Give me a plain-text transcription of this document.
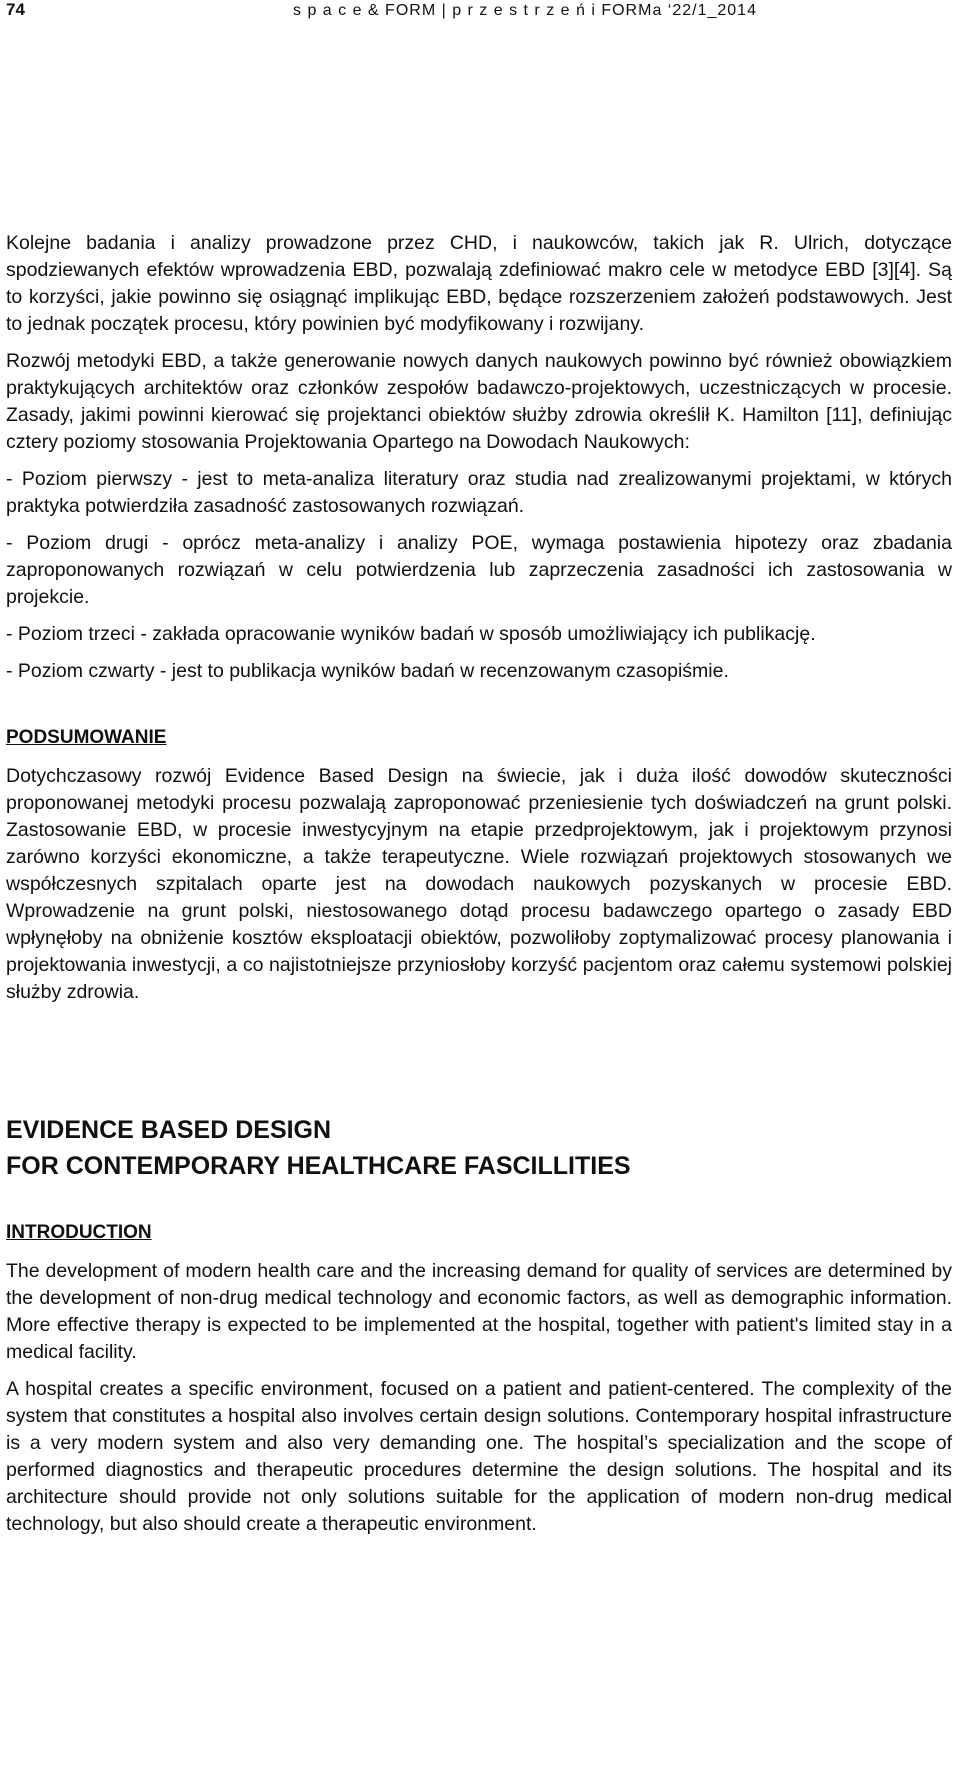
74	s p a c e & FORM | p r z e s t r z e ń i FORMa ‘22/1_2014

Kolejne badania i analizy prowadzone przez CHD, i naukowców, takich jak R. Ulrich, dotyczące spodziewanych efektów wprowadzenia EBD, pozwalają zdefiniować makro cele w metodyce EBD [3][4]. Są to korzyści, jakie powinno się osiągnąć implikując EBD, będące rozszerzeniem założeń podstawowych. Jest to jednak początek procesu, który powinien być modyfikowany i rozwijany.

Rozwój metodyki EBD, a także generowanie nowych danych naukowych powinno być również obowiązkiem praktykujących architektów oraz członków zespołów badawczo-projektowych, uczestniczących w procesie. Zasady, jakimi powinni kierować się projektanci obiektów służby zdrowia określił K. Hamilton [11], definiując cztery poziomy stosowania Projektowania Opartego na Dowodach Naukowych:

- Poziom pierwszy - jest to meta-analiza literatury oraz studia nad zrealizowanymi projektami, w których praktyka potwierdziła zasadność zastosowanych rozwiązań.

- Poziom drugi - oprócz meta-analizy i analizy POE, wymaga postawienia hipotezy oraz zbadania zaproponowanych rozwiązań w celu potwierdzenia lub zaprzeczenia zasadności ich zastosowania w projekcie.

- Poziom trzeci - zakłada opracowanie wyników badań w sposób umożliwiający ich publikację.

- Poziom czwarty - jest to publikacja wyników badań w recenzowanym czasopiśmie.

PODSUMOWANIE

Dotychczasowy rozwój Evidence Based Design na świecie, jak i duża ilość dowodów skuteczności proponowanej metodyki procesu pozwalają zaproponować przeniesienie tych doświadczeń na grunt polski. Zastosowanie EBD, w procesie inwestycyjnym na etapie przedprojektowym, jak i projektowym przynosi zarówno korzyści ekonomiczne, a także terapeutyczne. Wiele rozwiązań projektowych stosowanych we współczesnych szpitalach oparte jest na dowodach naukowych pozyskanych w procesie EBD. Wprowadzenie na grunt polski, niestosowanego dotąd procesu badawczego opartego o zasady EBD wpłynęłoby na obniżenie kosztów eksploatacji obiektów, pozwoliłoby zoptymalizować procesy planowania i projektowania inwestycji, a co najistotniejsze przyniosłoby korzyść pacjentom oraz całemu systemowi polskiej służby zdrowia.

EVIDENCE BASED DESIGN

FOR CONTEMPORARY HEALTHCARE FASCILLITIES

INTRODUCTION

The development of modern health care and the increasing demand for quality of services are determined by the development of non-drug medical technology and economic factors, as well as demographic information. More effective therapy is expected to be implemented at the hospital, together with patient's limited stay in a medical facility.

A hospital creates a specific environment, focused on a patient and patient-centered. The complexity of the system that constitutes a hospital also involves certain design solutions. Contemporary hospital infrastructure is a very modern system and also very demanding one. The hospital’s specialization and the scope of performed diagnostics and therapeutic procedures determine the design solutions. The hospital and its architecture should provide not only solutions suitable for the application of modern non-drug medical technology, but also should create a therapeutic environment.
